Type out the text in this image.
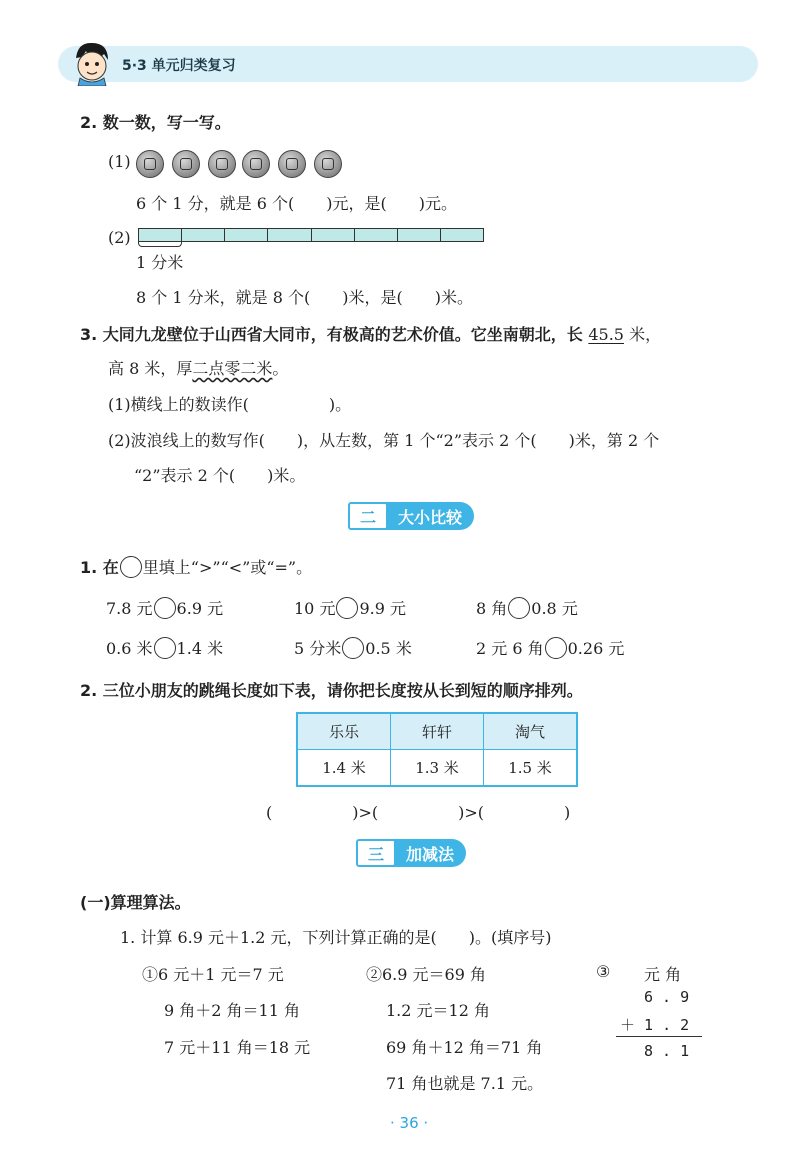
5·3 单元归类复习
2. 数一数，写一写。
(1)
6 个 1 分，就是 6 个(　　)元，是(　　)元。
(2)
1 分米
8 个 1 分米，就是 8 个(　　)米，是(　　)米。
3. 大同九龙壁位于山西省大同市，有极高的艺术价值。它坐南朝北，长 45.5 米，
高 8 米，厚二点零二米。
(1)横线上的数读作(　　　　　)。
(2)波浪线上的数写作(　　)，从左数，第 1 个“2”表示 2 个(　　)米，第 2 个
“2”表示 2 个(　　)米。
二	大小比较
1. 在 里填上“>”“<”或“=”。
7.8 元 6.9 元	10 元 9.9 元	8 角 0.8 元
0.6 米 1.4 米	5 分米 0.5 米	2 元 6 角 0.26 元
2. 三位小朋友的跳绳长度如下表，请你把长度按从长到短的顺序排列。
乐乐	轩轩	淘气
1.4 米	1.3 米	1.5 米
(　　　　　)>(　　　　　)>(　　　　　)
三	加减法
(一)算理算法。
1. 计算 6.9 元＋1.2 元，下列计算正确的是(　　)。(填序号)
①6 元＋1 元＝7 元
9 角＋2 角＝11 角
7 元＋11 角＝18 元
②6.9 元＝69 角
1.2 元＝12 角
69 角＋12 角＝71 角
71 角也就是 7.1 元。
③ 元 角
6 . 9
＋ 1 . 2
8 . 1
· 36 ·
